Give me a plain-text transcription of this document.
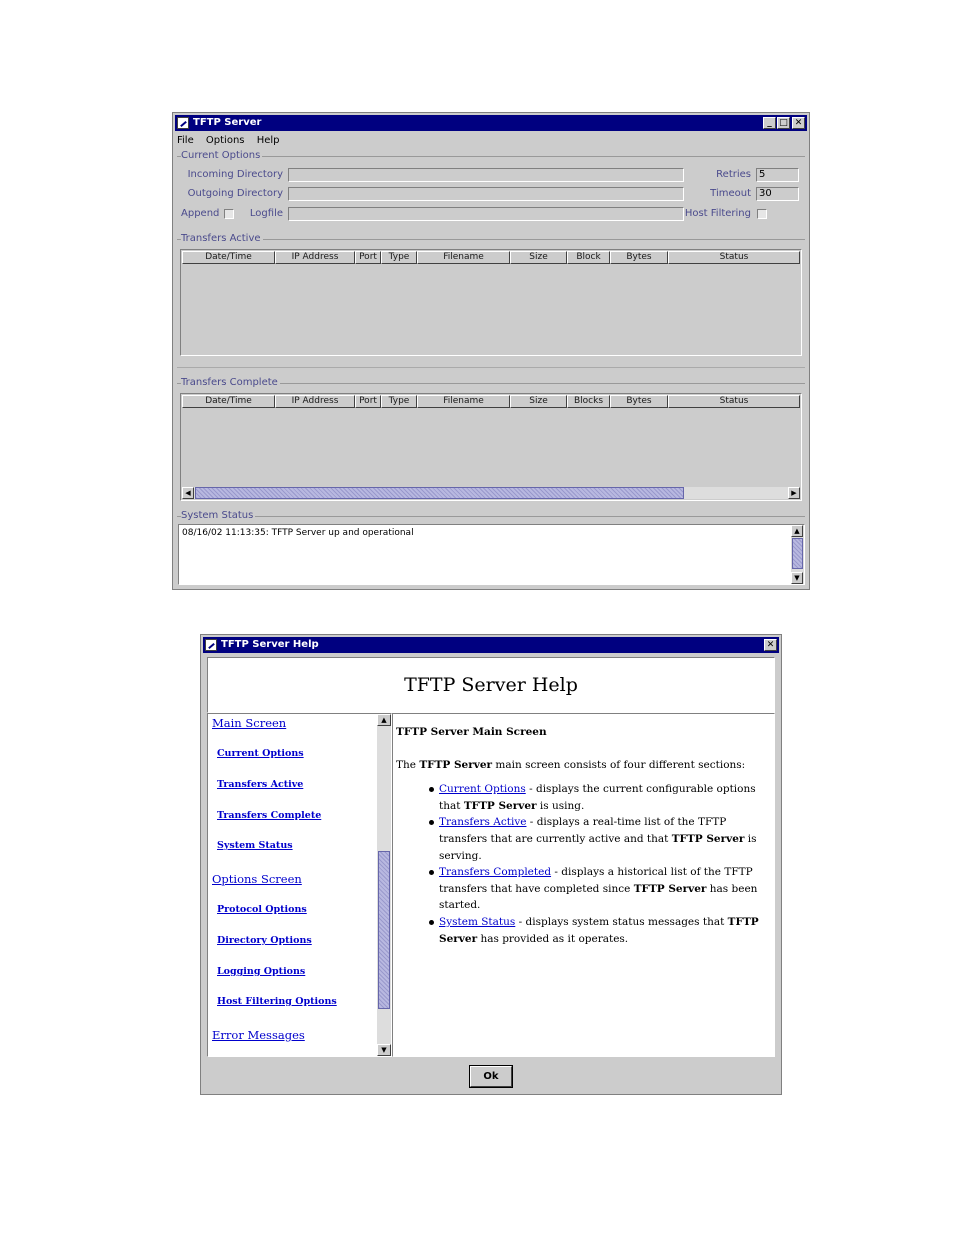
TFTP Server	_ □ ✕
File Options Help
Current Options
Incoming Directory
Outgoing Directory
Append	Logfile
Retries 5
Timeout 30
Host Filtering
Transfers Active
Date/Time	IP Address	Port	Type	Filename	Size	Block	Bytes	Status
Transfers Complete
Date/Time	IP Address	Port	Type	Filename	Size	Blocks	Bytes	Status
◀	▶
System Status
08/16/02 11:13:35: TFTP Server up and operational	▲
▼
TFTP Server Help	✕
TFTP Server Help
Main Screen
Current Options
Transfers Active
Transfers Complete
System Status
Options Screen
Protocol Options
Directory Options
Logging Options
Host Filtering Options
Error Messages
▲
▼
TFTP Server Main Screen
The TFTP Server main screen consists of four different sections:
Current Options - displays the current configurable options that TFTP Server is using.
Transfers Active - displays a real-time list of the TFTP transfers that are currently active and that TFTP Server is serving.
Transfers Completed - displays a historical list of the TFTP transfers that have completed since TFTP Server has been started.
System Status - displays system status messages that TFTP Server has provided as it operates.
Ok
